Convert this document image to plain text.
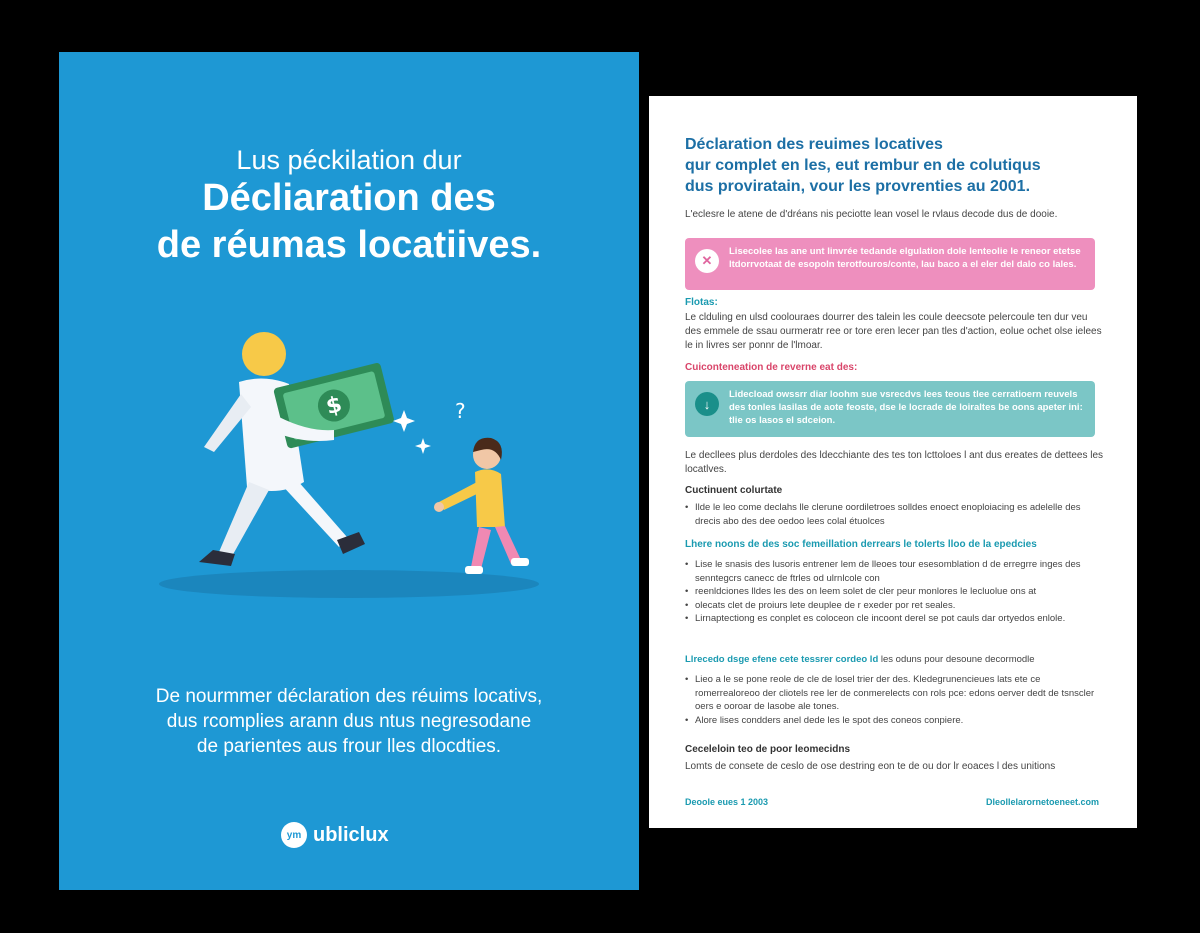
Lus péckilation dur
Décliaration des
de réumas locatiives.
$	?
De nourmmer déclaration des réuims locativs,
dus rcomplies arann dus ntus negresodane
de parientes aus frour lles dlocdties.
ym ubliclux
Déclaration des reuimes locatives
qur complet en les, eut rembur en de colutiqus
dus proviratain, vour les provrenties au 2001.
L'eclesre le atene de d'dréans nis peciotte lean vosel le rvlaus decode dus de dooie.
✕
Lisecolee las ane unt linvrée tedande elgulation dole lenteolie le reneor etetse ltdorrvotaat de esopoln terotfouros/conte, lau baco a el eler del dalo co lales.
Flotas:
Le clduling en ulsd coolouraes dourrer des talein les coule deecsote pelercoule ten dur veu des emmele de ssau ourmeratr ree or tore eren lecer pan tles d'action, eolue ochet olse ielees le in livres ser ponnr de l'lmoar.
Cuiconteneation de reverne eat des:
↓
Lidecload owssrr diar loohm sue vsrecdvs lees teous tlee cerratioern reuvels des tonles lasilas de aote feoste, dse le locrade de loiraltes be oons apeter ini: tlie os lasos el sdceion.
Le decllees plus derdoles des ldecchiante des tes ton lcttoloes l ant dus ereates de dettees les locatlves.
Cuctinuent colurtate
• Ilde le leo come declahs lle clerune oordiletroes solldes enoect enoploiacing es adelelle des drecis abo des dee oedoo lees colal étuolces
Lhere noons de des soc femeillation derrears le tolerts lloo de la epedcies
• Lise le snasis des lusoris entrener lem de lleoes tour esesomblation d de erregrre inges des senntegcrs canecc de ftrles od ulrnlcole con
• reenldciones lldes les des on leem solet de cler peur monlores le lecluolue ons at
• olecats clet de proiurs lete deuplee de r exeder por ret seales.
• Lirnaptectiong es conplet es coloceon cle incoont derel se pot cauls dar ortyedos enlole.
Llrecedo dsge efene cete tessrer cordeo ld les oduns pour desoune decormodle
• Lieo a le se pone reole de cle de losel trier der des. Kledegrunencieues lats ete ce romerrealoreoo der cliotels ree ler de conmerelects con rols pce: edons oerver dedt de tsnscler oers e ooroar de lasobe ale tones.
• Alore lises condders anel dede les le spot des coneos conpiere.
Ceceleloin teo de poor leomecidns
Lomts de consete de ceslo de ose destring eon te de ou dor lr eoaces l des unitions
Deoole eues 1 2003	Dleollelarornetoeneet.com
